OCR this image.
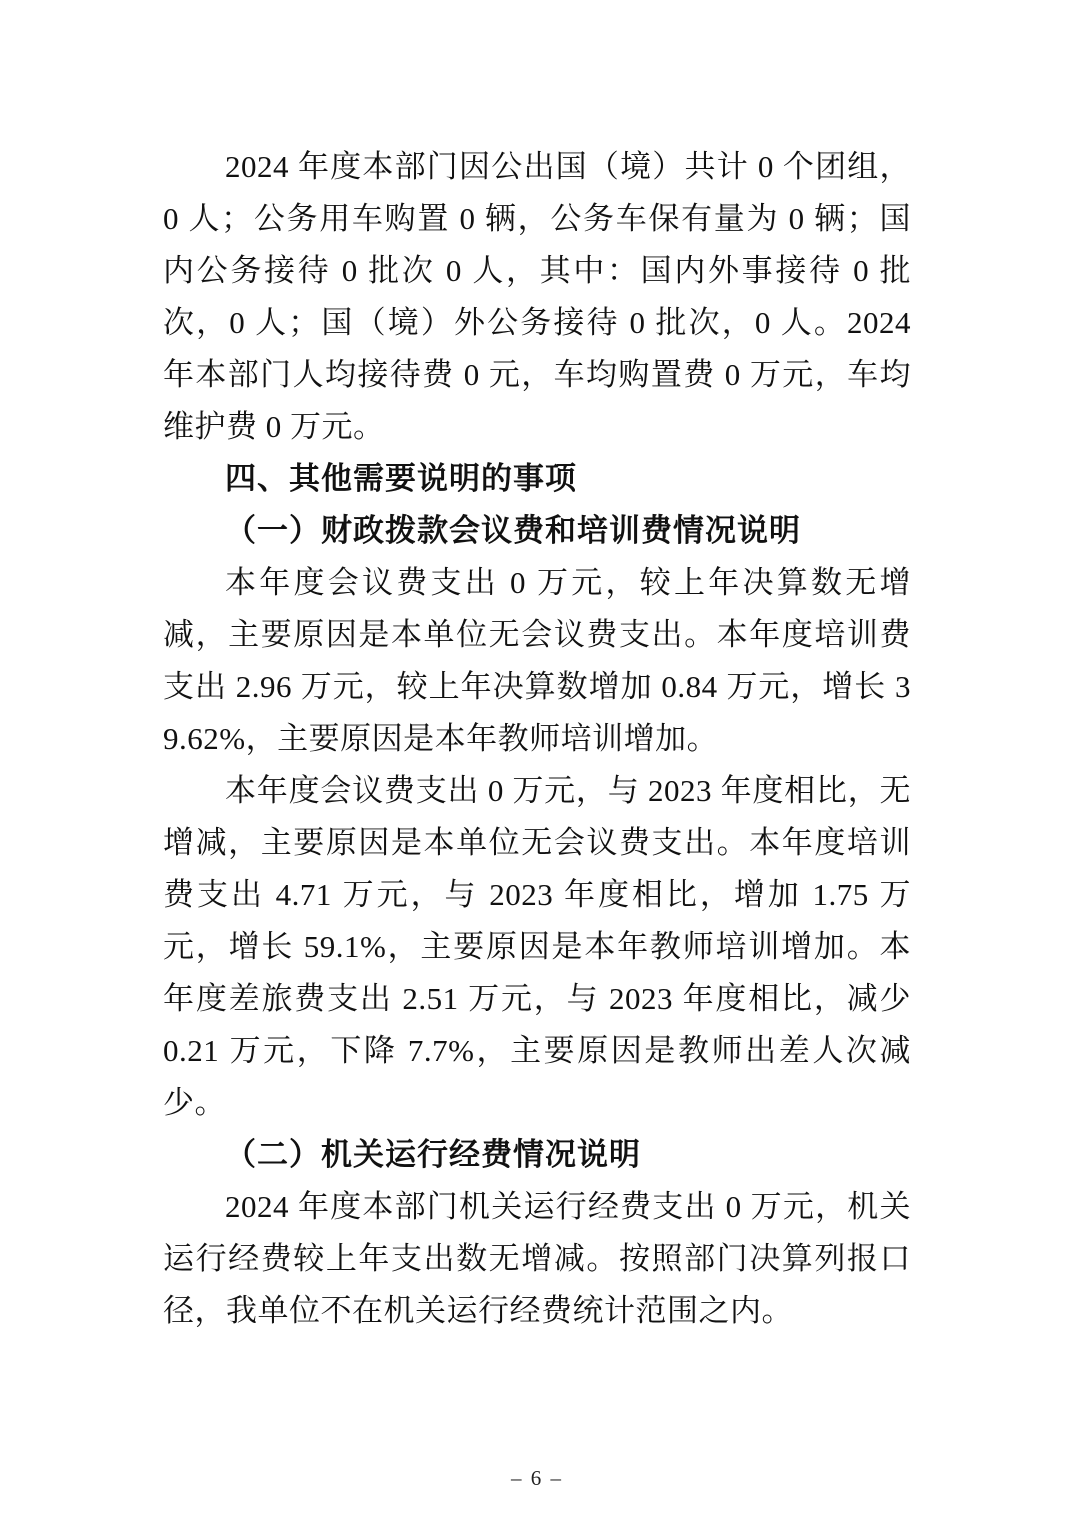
2024 年度本部门因公出国（境）共计 0 个团组，0 人；公务用车购置 0 辆，公务车保有量为 0 辆；国内公务接待 0 批次 0 人，其中：国内外事接待 0 批次，0 人；国（境）外公务接待 0 批次，0 人。2024 年本部门人均接待费 0 元，车均购置费 0 万元，车均维护费 0 万元。

四、其他需要说明的事项

（一）财政拨款会议费和培训费情况说明

本年度会议费支出 0 万元，较上年决算数无增减，主要原因是本单位无会议费支出。本年度培训费支出 2.96 万元，较上年决算数增加 0.84 万元，增长 39.62%，主要原因是本年教师培训增加。

本年度会议费支出 0 万元，与 2023 年度相比，无增减，主要原因是本单位无会议费支出。本年度培训费支出 4.71 万元，与 2023 年度相比，增加 1.75 万元，增长 59.1%，主要原因是本年教师培训增加。本年度差旅费支出 2.51 万元，与 2023 年度相比，减少 0.21 万元，下降 7.7%，主要原因是教师出差人次减少。

（二）机关运行经费情况说明

2024 年度本部门机关运行经费支出 0 万元，机关运行经费较上年支出数无增减。按照部门决算列报口径，我单位不在机关运行经费统计范围之内。

– 6 –
